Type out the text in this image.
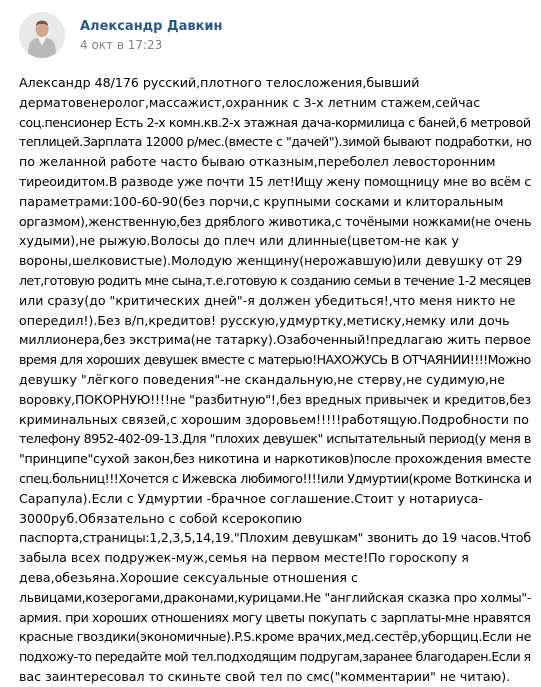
Александр Давкин
4 окт в 17:23
Александр 48/176 русский,плотного телосложения,бывший
дерматовенеролог,массажист,охранник с 3-х летним стажем,сейчас
соц.пенсионер Есть 2-х комн.кв.2-х этажная дача-кормилица с баней,6 метровой
теплицей.Зарплата 12000 р/мес.(вместе с "дачей").зимой бывают подработки, но
по желанной работе часто бываю отказным,переболел левосторонним
тиреоидитом.В разводе уже почти 15 лет!Ищу жену помощницу мне во всём с
параметрами:100-60-90(без порчи,с крупными сосками и клиторальным
оргазмом),женственную,без дряблого животика,с точёными ножками(не очень
худыми),не рыжую.Волосы до плеч или длинные(цветом-не как у
вороны,шелковистые).Молодую женщину(нерожавшую)или девушку от 29
лет,готовую родить мне сына,т.е.готовую к созданию семьи в течение 1-2 месяцев
или сразу(до "критических дней"-я должен убедиться!,что меня никто не
опередил!).Без в/п,кредитов! русскую,удмуртку,метиску,немку или дочь
миллионера,без экстрима(не татарку).Озабоченный!предлагаю жить первое
время для хороших девушек вместе с матерью!НАХОЖУСЬ В ОТЧАЯНИИ!!!!Можно
девушку "лёгкого поведения"-не скандальную,не стерву,не судимую,не
воровку,ПОКОРНУЮ!!!!не "разбитную"!,без вредных привычек и кредитов,без
криминальных связей,с хорошим здоровьем!!!!!работящую.Подробности по
телефону 8952-402-09-13.Для "плохих девушек" испытательный период(у меня в
"принципе"сухой закон,без никотина и наркотиков)после прохождения вместе
спец.больниц!!!Хочется с Ижевска любимого!!!!или Удмуртии(кроме Воткинска и
Сарапула).Если с Удмуртии -брачное соглашение.Стоит у нотариуса-
3000руб.Обязательно с собой ксерокопию
паспорта,страницы:1,2,3,5,14,19."Плохим девушкам" звонить до 19 часов.Чтоб
забыла всех подружек-муж,семья на первом месте!По гороскопу я
дева,обезьяна.Хорошие сексуальные отношения с
львицами,козерогами,драконами,курицами.Не "английская сказка про холмы"-
армия. при хороших отношениях могу цветы покупать с зарплаты-мне нравятся
красные гвоздики(экономичные).P.S.кроме врачих,мед.сестёр,уборщиц.Если не
подхожу-то передайте мой тел.подходящим подругам,заранее благодарен.Если я
вас заинтересовал то скиньте свой тел по смс("комментарии" не читаю).
